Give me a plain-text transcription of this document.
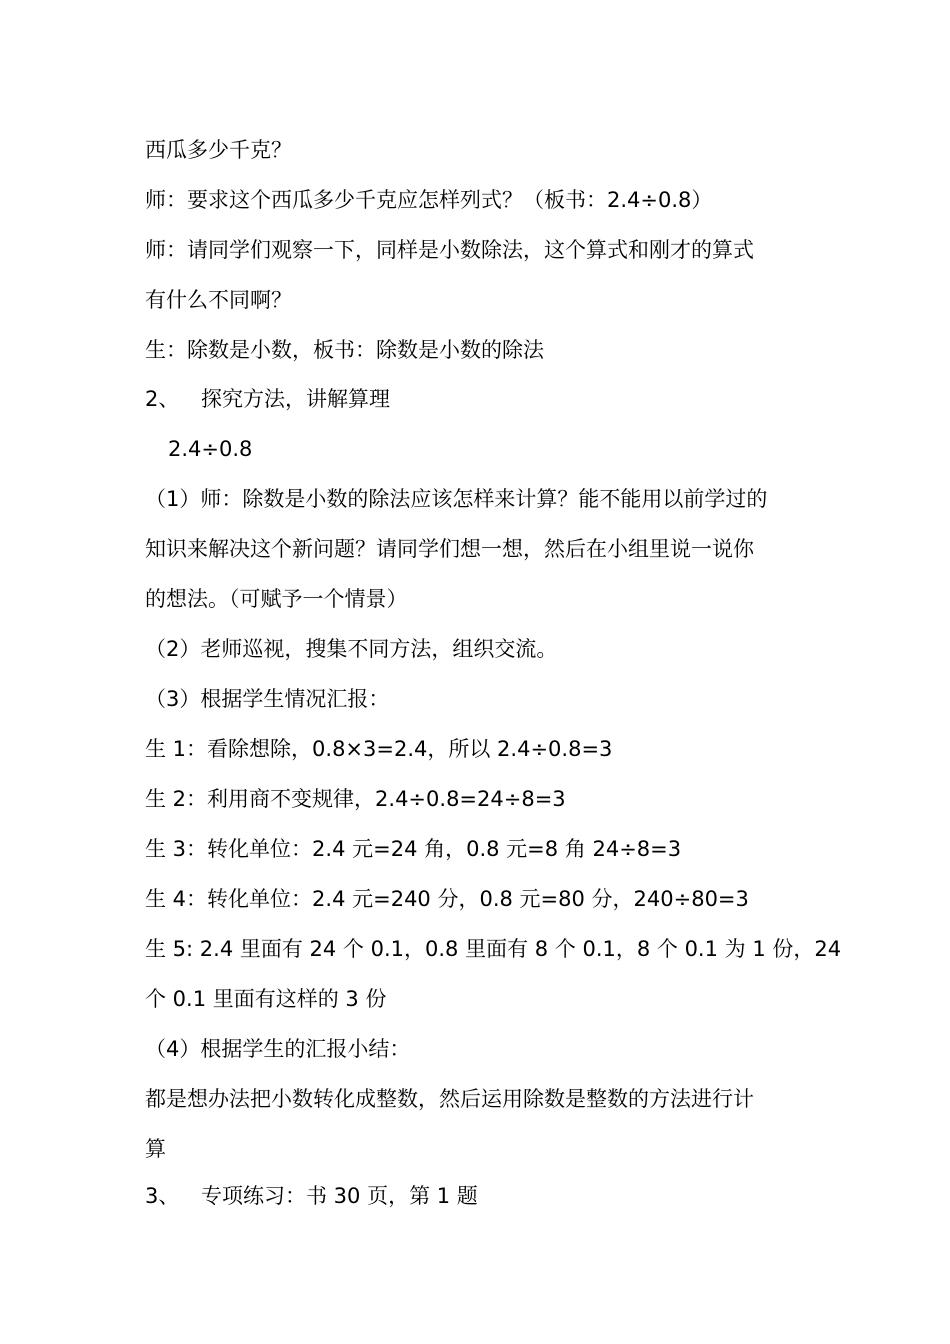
西瓜多少千克？
师：要求这个西瓜多少千克应怎样列式？（板书：2.4÷0.8）
师：请同学们观察一下，同样是小数除法，这个算式和刚才的算式
有什么不同啊？
生：除数是小数，板书：除数是小数的除法
2、 探究方法，讲解算理
2.4÷0.8
（1）师：除数是小数的除法应该怎样来计算？能不能用以前学过的
知识来解决这个新问题？请同学们想一想，然后在小组里说一说你
的想法。（可赋予一个情景）
（2）老师巡视，搜集不同方法，组织交流。
（3）根据学生情况汇报：
生 1：看除想除，0.8×3=2.4，所以 2.4÷0.8=3
生 2：利用商不变规律，2.4÷0.8=24÷8=3
生 3：转化单位：2.4 元=24 角，0.8 元=8 角 24÷8=3
生 4：转化单位：2.4 元=240 分，0.8 元=80 分，240÷80=3
生 5: 2.4 里面有 24 个 0.1，0.8 里面有 8 个 0.1，8 个 0.1 为 1 份，24
个 0.1 里面有这样的 3 份
（4）根据学生的汇报小结：
都是想办法把小数转化成整数，然后运用除数是整数的方法进行计
算
3、 专项练习：书 30 页，第 1 题
